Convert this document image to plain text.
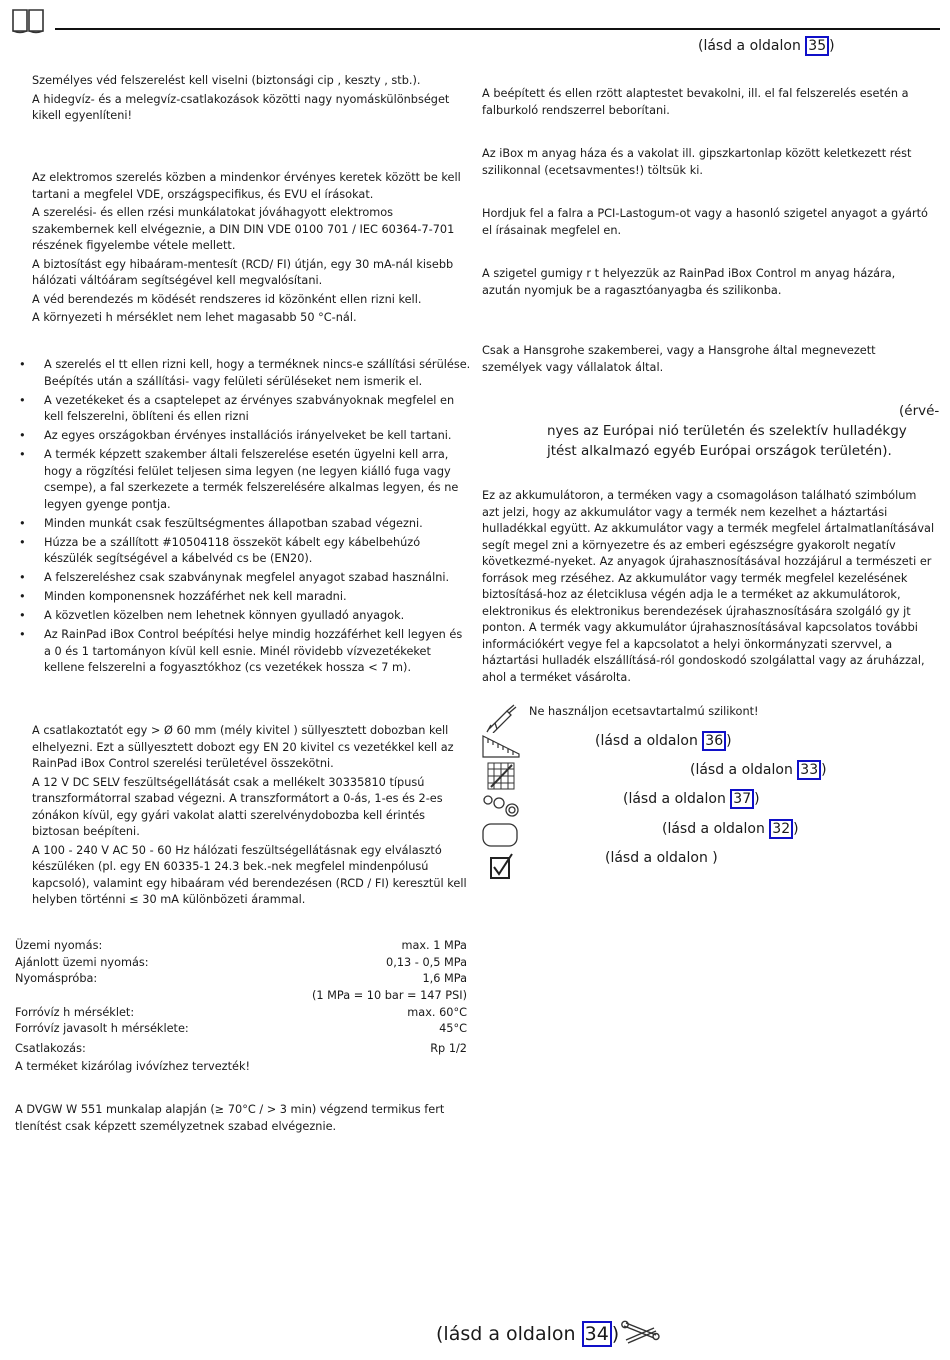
(lásd a oldalon 35 )

Személyes véd felszerelést kell viselni (biztonsági cip , keszty , stb.).

A hidegvíz- és a melegvíz-csatlakozások közötti nagy nyomáskülönbséget kikell egyenlíteni!

Az elektromos szerelés közben a mindenkor érvényes keretek között be kell tartani a megfelel VDE, országspecifikus, és EVU el írásokat.

A szerelési- és ellen rzési munkálatokat jóváhagyott elektromos szakembernek kell elvégeznie, a DIN DIN VDE 0100 701 / IEC 60364-7-701 részének figyelembe vétele mellett.

A biztosítást egy hibaáram-mentesít (RCD/ FI) útján, egy 30 mA-nál kisebb hálózati váltóáram segítségével kell megvalósítani.

A véd berendezés m ködését rendszeres id közönként ellen rizni kell.

A környezeti h mérséklet nem lehet magasabb 50 °C-nál.

• A szerelés el tt ellen rizni kell, hogy a terméknek nincs-e szállítási sérülése. Beépítés után a szállítási- vagy felületi sérüléseket nem ismerik el.
• A vezetékeket és a csaptelepet az érvényes szabványoknak megfelel en kell felszerelni, öblíteni és ellen rizni
• Az egyes országokban érvényes installációs irányelveket be kell tartani.
• A termék képzett szakember általi felszerelése esetén ügyelni kell arra, hogy a rögzítési felület teljesen sima legyen (ne legyen kiálló fuga vagy csempe), a fal szerkezete a termék felszerelésére alkalmas legyen, és ne legyen gyenge pontja.
• Minden munkát csak feszültségmentes állapotban szabad végezni.
• Húzza be a szállított #10504118 összeköt kábelt egy kábelbehúzó készülék segítségével a kábelvéd cs be (EN20).
• A felszereléshez csak szabványnak megfelel anyagot szabad használni.
• Minden komponensnek hozzáférhet nek kell maradni.
• A közvetlen közelben nem lehetnek könnyen gyulladó anyagok.
• Az RainPad iBox Control beépítési helye mindig hozzáférhet kell legyen és a 0 és 1 tartományon kívül kell esnie. Minél rövidebb vízvezetékeket kellene felszerelni a fogyasztókhoz (cs vezetékek hossza < 7 m).

A csatlakoztatót egy > Ø 60 mm (mély kivitel ) süllyesztett dobozban kell elhelyezni. Ezt a süllyesztett dobozt egy EN 20 kivitel cs vezetékkel kell az RainPad iBox Control szerelési területével összekötni.

A 12 V DC SELV feszültségellátását csak a mellékelt 30335810 típusú transzformátorral szabad végezni. A transzformátort a 0-ás, 1-es és 2-es zónákon kívül, egy gyári vakolat alatti szerelvénydobozba kell érintés biztosan beépíteni.

A 100 - 240 V AC 50 - 60 Hz hálózati feszültségellátásnak egy elválasztó készüléken (pl. egy EN 60335-1 24.3 bek.-nek megfelel mindenpólusú kapcsoló), valamint egy hibaáram véd berendezésen (RCD / FI) keresztül kell helyben történni ≤ 30 mA különbözeti árammal.

Üzemi nyomás:	max. 1 MPa
Ajánlott üzemi nyomás:	0,13 - 0,5 MPa
Nyomáspróba:	1,6 MPa
(1 MPa = 10 bar = 147 PSI)
Forróvíz h mérséklet:	max. 60°C
Forróvíz javasolt h mérséklete:	45°C
Csatlakozás:	Rp 1/2
A terméket kizárólag ivóvízhez tervezték!
A DVGW W 551 munkalap alapján (≥ 70°C / > 3 min) végzend termikus fert tlenítést csak képzett személyzetnek szabad elvégeznie.
(lásd a oldalon 34 )
A beépített és ellen rzött alaptestet bevakolni, ill. el fal felszerelés esetén a falburkoló rendszerrel beborítani.
Az iBox m anyag háza és a vakolat ill. gipszkartonlap között keletkezett rést szilikonnal (ecetsavmentes!) töltsük ki.
Hordjuk fel a falra a PCI-Lastogum-ot vagy a hasonló szigetel anyagot a gyártó el írásainak megfelel en.
A szigetel gumigy r t helyezzük az RainPad iBox Control m anyag házára, azután nyomjuk be a ragasztóanyagba és szilikonba.
Csak a Hansgrohe szakemberei, vagy a Hansgrohe által megnevezett személyek vagy vállalatok által.
(érvé-
nyes az Európai nió területén és szelektív hulladékgy jtést alkalmazó egyéb Európai országok területén).
Ez az akkumulátoron, a terméken vagy a csomagoláson található szimbólum azt jelzi, hogy az akkumulátor vagy a termék nem kezelhet a háztartási hulladékkal együtt. Az akkumulátor vagy a termék megfelel ártalmatlanításával segít megel zni a környezetre és az emberi egészségre gyakorolt negatív következmé-nyeket. Az anyagok újrahasznosításával hozzájárul a természeti er források meg rzéséhez. Az akkumulátor vagy termék megfelel kezelésének biztosításá-hoz az életciklusa végén adja le a terméket az akkumulátorok, elektronikus és elektronikus berendezések újrahasznosítására szolgáló gy jt ponton. A termék vagy akkumulátor újrahasznosításával kapcsolatos további információkért vegye fel a kapcsolatot a helyi önkormányzati szervvel, a háztartási hulladék elszállításá-ról gondoskodó szolgálattal vagy az áruházzal, ahol a terméket vásárolta.
Ne használjon ecetsavtartalmú szilikont!
(lásd a oldalon 36 )
(lásd a oldalon 33 )
(lásd a oldalon 37 )
(lásd a oldalon 32 )
(lásd a oldalon )
